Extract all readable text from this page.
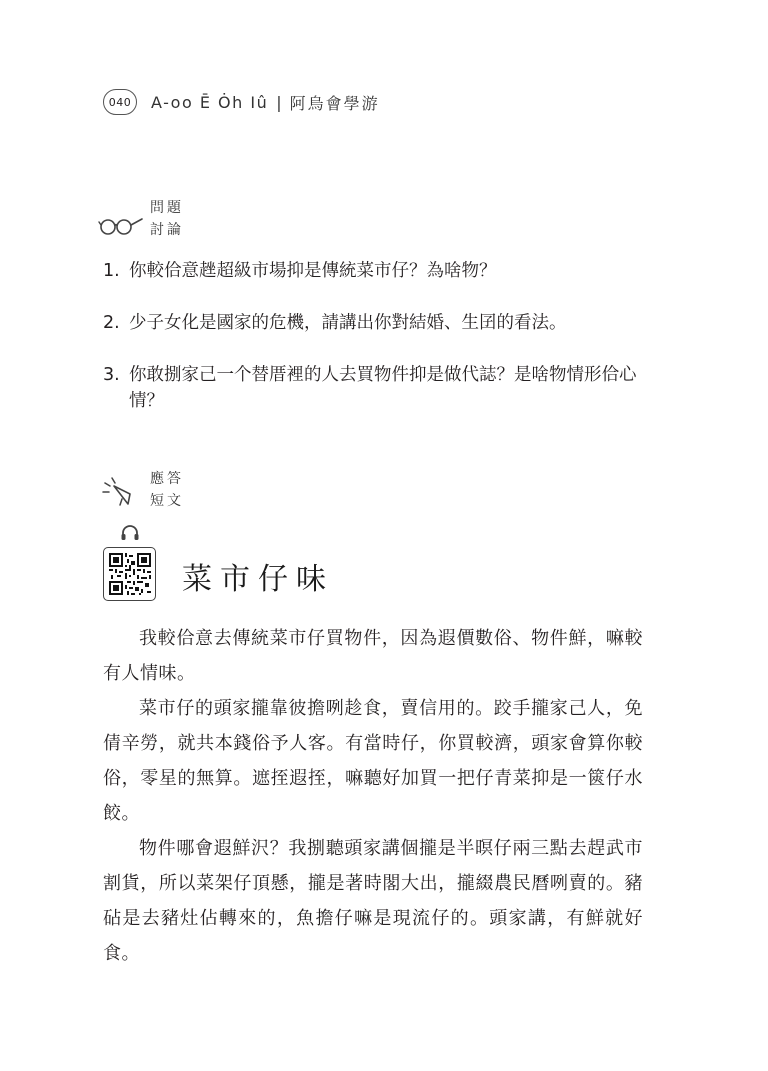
040	A-oo Ē Ȯh Iû | 阿烏會學游
問題
討論
1. 你較佮意趖超級市場抑是傳統菜市仔？為啥物？
2. 少子女化是國家的危機，請講出你對結婚、生囝的看法。
3. 你敢捌家己一个替厝裡的人去買物件抑是做代誌？是啥物情形佮心情？
應答
短文
菜市仔味

我較佮意去傳統菜市仔買物件，因為遐價數俗、物件鮮，嘛較有人情味。

菜市仔的頭家攏靠彼擔咧趁食，賣信用的。跤手攏家己人，免倩辛勞，就共本錢俗予人客。有當時仔，你買較濟，頭家會算你較俗，零星的無算。遮挃遐挃，嘛聽好加買一把仔青菜抑是一篋仔水餃。

物件哪會遐鮮沢？我捌聽頭家講個攏是半暝仔兩三點去趕武市割貨，所以菜架仔頂懸，攏是著時閣大出，攏綴農民曆咧賣的。豬砧是去豬灶佔轉來的，魚擔仔嘛是現流仔的。頭家講，有鮮就好食。
